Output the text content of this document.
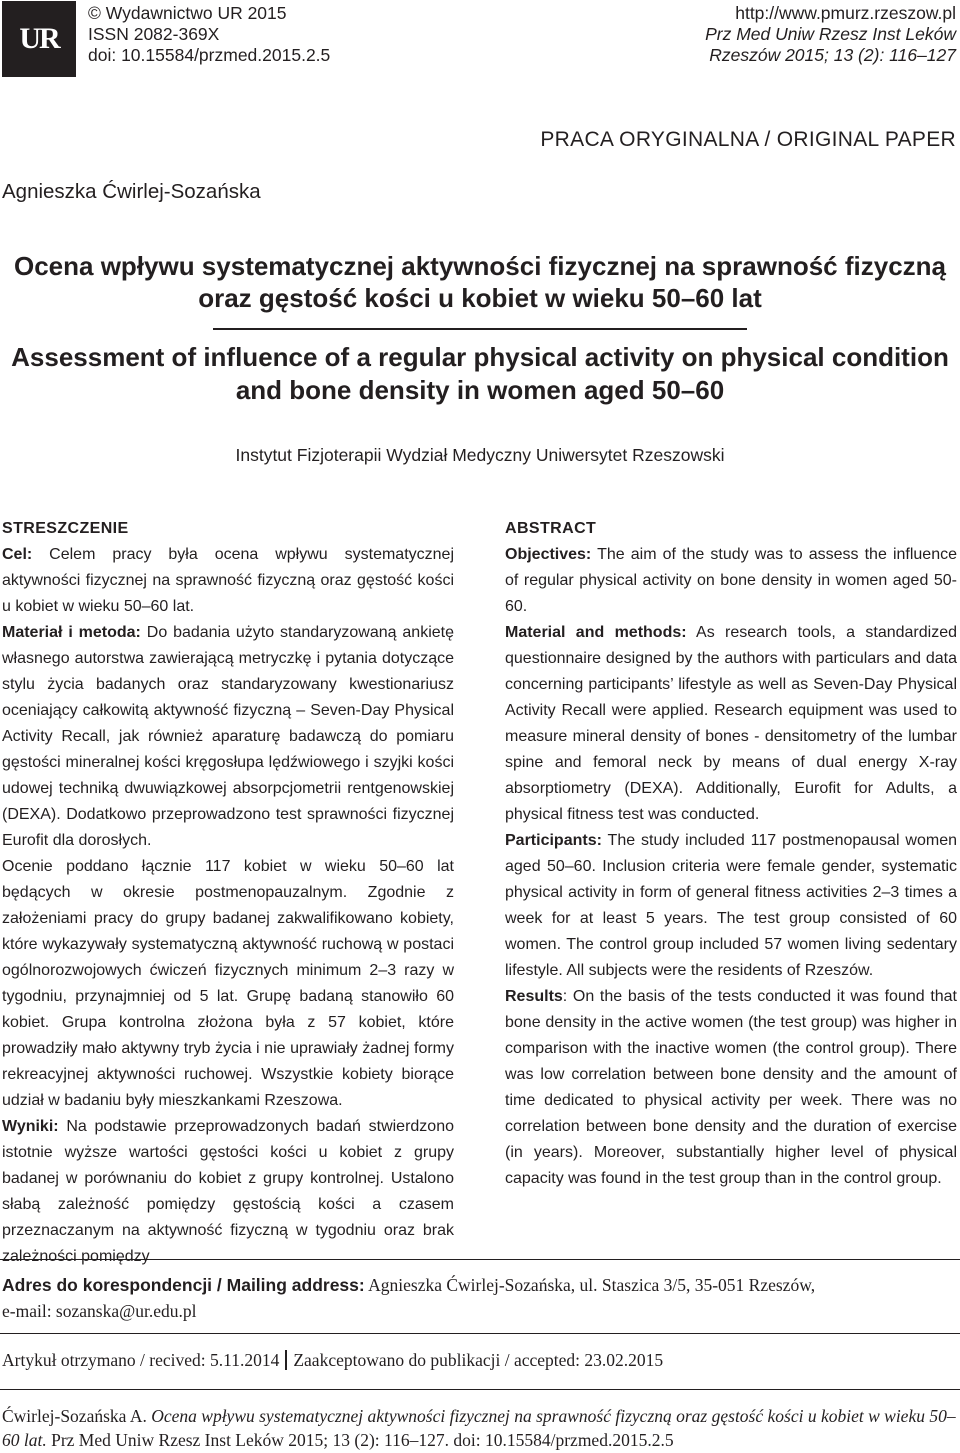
UR
© Wydawnictwo UR 2015
ISSN 2082-369X
doi: 10.15584/przmed.2015.2.5
http://www.pmurz.rzeszow.pl
Prz Med Uniw Rzesz Inst Leków
Rzeszów 2015; 13 (2): 116–127
PRACA ORYGINALNA / ORIGINAL PAPER
Agnieszka Ćwirlej-Sozańska
Ocena wpływu systematycznej aktywności fizycznej na sprawność fizyczną
oraz gęstość kości u kobiet w wieku 50–60 lat
Assessment of influence of a regular physical activity on physical condition
and bone density in women aged 50–60
Instytut Fizjoterapii Wydział Medyczny Uniwersytet Rzeszowski
STRESZCZENIE

Cel: Celem pracy była ocena wpływu systematycznej aktywności fizycznej na sprawność fizyczną oraz gęstość kości u kobiet w wieku 50–60 lat.

Materiał i metoda: Do badania użyto standaryzowaną ankietę własnego autorstwa zawierającą metryczkę i pytania dotyczące stylu życia badanych oraz standaryzowany kwestionariusz oceniający całkowitą aktywność fizyczną – Seven-Day Physical Activity Recall, jak również aparaturę badawczą do pomiaru gęstości mineralnej kości kręgosłupa lędźwiowego i szyjki kości udowej techniką dwuwiązkowej absorpcjometrii rentgenowskiej (DEXA). Dodatkowo przeprowadzono test sprawności fizycznej Eurofit dla dorosłych.

Ocenie poddano łącznie 117 kobiet w wieku 50–60 lat będących w okresie postmenopauzalnym. Zgodnie z założeniami pracy do grupy badanej zakwalifikowano kobiety, które wykazywały systematyczną aktywność ruchową w postaci ogólnorozwojowych ćwiczeń fizycznych minimum 2–3 razy w tygodniu, przynajmniej od 5 lat. Grupę badaną stanowiło 60 kobiet. Grupa kontrolna złożona była z 57 kobiet, które prowadziły mało aktywny tryb życia i nie uprawiały żadnej formy rekreacyjnej aktywności ruchowej. Wszystkie kobiety biorące udział w badaniu były mieszkankami Rzeszowa.

Wyniki: Na podstawie przeprowadzonych badań stwierdzono istotnie wyższe wartości gęstości kości u kobiet z grupy badanej w porównaniu do kobiet z grupy kontrolnej. Ustalono słabą zależność pomiędzy gęstością kości a czasem przeznaczanym na aktywność fizyczną w tygodniu oraz brak zależności pomiędzy

ABSTRACT

Objectives: The aim of the study was to assess the influence of regular physical activity on bone density in women aged 50-60.

Material and methods: As research tools, a standardized questionnaire designed by the authors with particulars and data concerning participants’ lifestyle as well as Seven-Day Physical Activity Recall were applied. Research equipment was used to measure mineral density of bones - densitometry of the lumbar spine and femoral neck by means of dual energy X-ray absorptiometry (DEXA). Additionally, Eurofit for Adults, a physical fitness test was conducted.

Participants: The study included 117 postmenopausal women aged 50–60. Inclusion criteria were female gender, systematic physical activity in form of general fitness activities 2–3 times a week for at least 5 years. The test group consisted of 60 women. The control group included 57 women living sedentary lifestyle. All subjects were the residents of Rzeszów.

Results: On the basis of the tests conducted it was found that bone density in the active women (the test group) was higher in comparison with the inactive women (the control group). There was low correlation between bone density and the amount of time dedicated to physical activity per week. There was no correlation between bone density and the duration of exercise (in years). Moreover, substantially higher level of physical capacity was found in the test group than in the control group.

Adres do korespondencji / Mailing address: Agnieszka Ćwirlej-Sozańska, ul. Staszica 3/5, 35-051 Rzeszów,
e-mail: sozanska@ur.edu.pl
Artykuł otrzymano / recived: 5.11.2014 Zaakceptowano do publikacji / accepted: 23.02.2015
Ćwirlej-Sozańska A. Ocena wpływu systematycznej aktywności fizycznej na sprawność fizyczną oraz gęstość kości u kobiet w wieku 50–60 lat. Prz Med Uniw Rzesz Inst Leków 2015; 13 (2): 116–127. doi: 10.15584/przmed.2015.2.5
